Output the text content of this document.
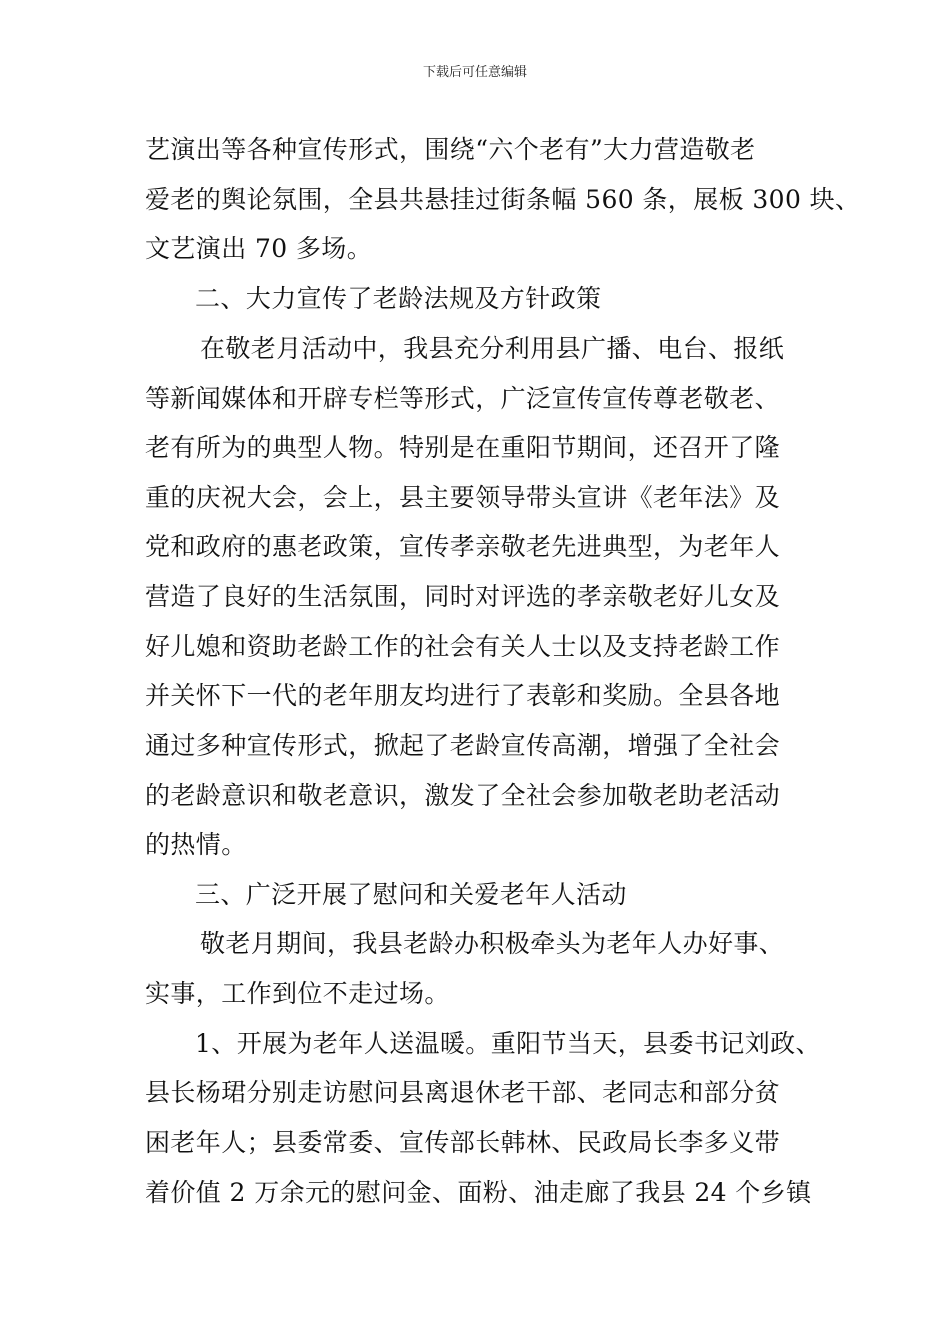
下载后可任意编辑
艺演出等各种宣传形式，围绕“六个老有”大力营造敬老
爱老的舆论氛围，全县共悬挂过街条幅 560 条，展板 300 块、
文艺演出 70 多场。
二、大力宣传了老龄法规及方针政策
在敬老月活动中，我县充分利用县广播、电台、报纸
等新闻媒体和开辟专栏等形式，广泛宣传宣传尊老敬老、
老有所为的典型人物。特别是在重阳节期间，还召开了隆
重的庆祝大会，会上，县主要领导带头宣讲《老年法》及
党和政府的惠老政策，宣传孝亲敬老先进典型，为老年人
营造了良好的生活氛围，同时对评选的孝亲敬老好儿女及
好儿媳和资助老龄工作的社会有关人士以及支持老龄工作
并关怀下一代的老年朋友均进行了表彰和奖励。全县各地
通过多种宣传形式，掀起了老龄宣传高潮，增强了全社会
的老龄意识和敬老意识，激发了全社会参加敬老助老活动
的热情。
三、广泛开展了慰问和关爱老年人活动
敬老月期间，我县老龄办积极牵头为老年人办好事、
实事，工作到位不走过场。
1、开展为老年人送温暖。重阳节当天，县委书记刘政、
县长杨珺分别走访慰问县离退休老干部、老同志和部分贫
困老年人；县委常委、宣传部长韩林、民政局长李多义带
着价值 2 万余元的慰问金、面粉、油走廊了我县 24 个乡镇
